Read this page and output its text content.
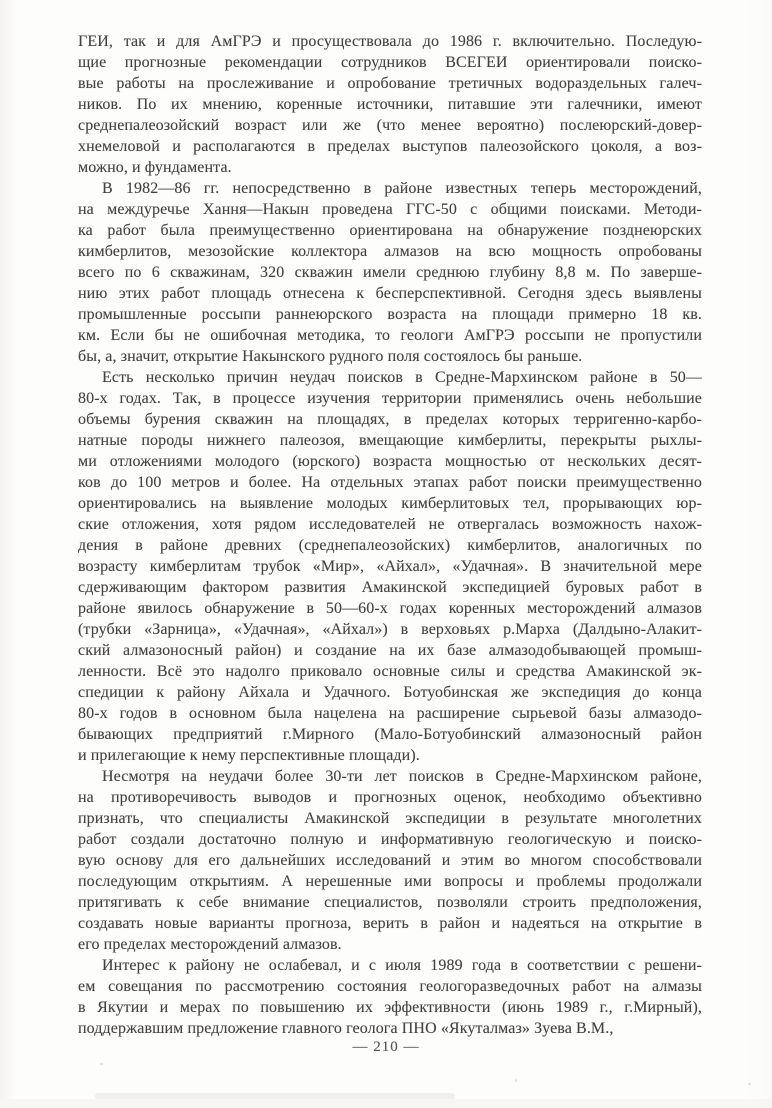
ГЕИ, так и для АмГРЭ и просуществовала до 1986 г. включительно. Последую-
щие прогнозные рекомендации сотрудников ВСЕГЕИ ориентировали поиско-
вые работы на прослеживание и опробование третичных водораздельных галеч-
ников. По их мнению, коренные источники, питавшие эти галечники, имеют
среднепалеозойский возраст или же (что менее вероятно) послеюрский-довер-
хнемеловой и располагаются в пределах выступов палеозойского цоколя, а воз-
можно, и фундамента.
В 1982—86 гг. непосредственно в районе известных теперь месторождений,
на междуречье Хання—Накын проведена ГГС-50 с общими поисками. Методи-
ка работ была преимущественно ориентирована на обнаружение позднеюрских
кимберлитов, мезозойские коллектора алмазов на всю мощность опробованы
всего по 6 скважинам, 320 скважин имели среднюю глубину 8,8 м. По заверше-
нию этих работ площадь отнесена к бесперспективной. Сегодня здесь выявлены
промышленные россыпи раннеюрского возраста на площади примерно 18 кв.
км. Если бы не ошибочная методика, то геологи АмГРЭ россыпи не пропустили
бы, а, значит, открытие Накынского рудного поля состоялось бы раньше.
Есть несколько причин неудач поисков в Средне-Мархинском районе в 50—
80-х годах. Так, в процессе изучения территории применялись очень небольшие
объемы бурения скважин на площадях, в пределах которых терригенно-карбо-
натные породы нижнего палеозоя, вмещающие кимберлиты, перекрыты рыхлы-
ми отложениями молодого (юрского) возраста мощностью от нескольких десят-
ков до 100 метров и более. На отдельных этапах работ поиски преимущественно
ориентировались на выявление молодых кимберлитовых тел, прорывающих юр-
ские отложения, хотя рядом исследователей не отвергалась возможность нахож-
дения в районе древних (среднепалеозойских) кимберлитов, аналогичных по
возрасту кимберлитам трубок «Мир», «Айхал», «Удачная». В значительной мере
сдерживающим фактором развития Амакинской экспедицией буровых работ в
районе явилось обнаружение в 50—60-х годах коренных месторождений алмазов
(трубки «Зарница», «Удачная», «Айхал») в верховьях р.Марха (Далдыно-Алакит-
ский алмазоносный район) и создание на их базе алмазодобывающей промыш-
ленности. Всё это надолго приковало основные силы и средства Амакинской эк-
спедиции к району Айхала и Удачного. Ботуобинская же экспедиция до конца
80-х годов в основном была нацелена на расширение сырьевой базы алмазодо-
бывающих предприятий г.Мирного (Мало-Ботуобинский алмазоносный район
и прилегающие к нему перспективные площади).
Несмотря на неудачи более 30-ти лет поисков в Средне-Мархинском районе,
на противоречивость выводов и прогнозных оценок, необходимо объективно
признать, что специалисты Амакинской экспедиции в результате многолетних
работ создали достаточно полную и информативную геологическую и поиско-
вую основу для его дальнейших исследований и этим во многом способствовали
последующим открытиям. А нерешенные ими вопросы и проблемы продолжали
притягивать к себе внимание специалистов, позволяли строить предположения,
создавать новые варианты прогноза, верить в район и надеяться на открытие в
его пределах месторождений алмазов.
Интерес к району не ослабевал, и с июля 1989 года в соответствии с решени-
ем совещания по рассмотрению состояния геологоразведочных работ на алмазы
в Якутии и мерах по повышению их эффективности (июнь 1989 г., г.Мирный),
поддержавшим предложение главного геолога ПНО «Якуталмаз» Зуева В.М.,
— 210 —
